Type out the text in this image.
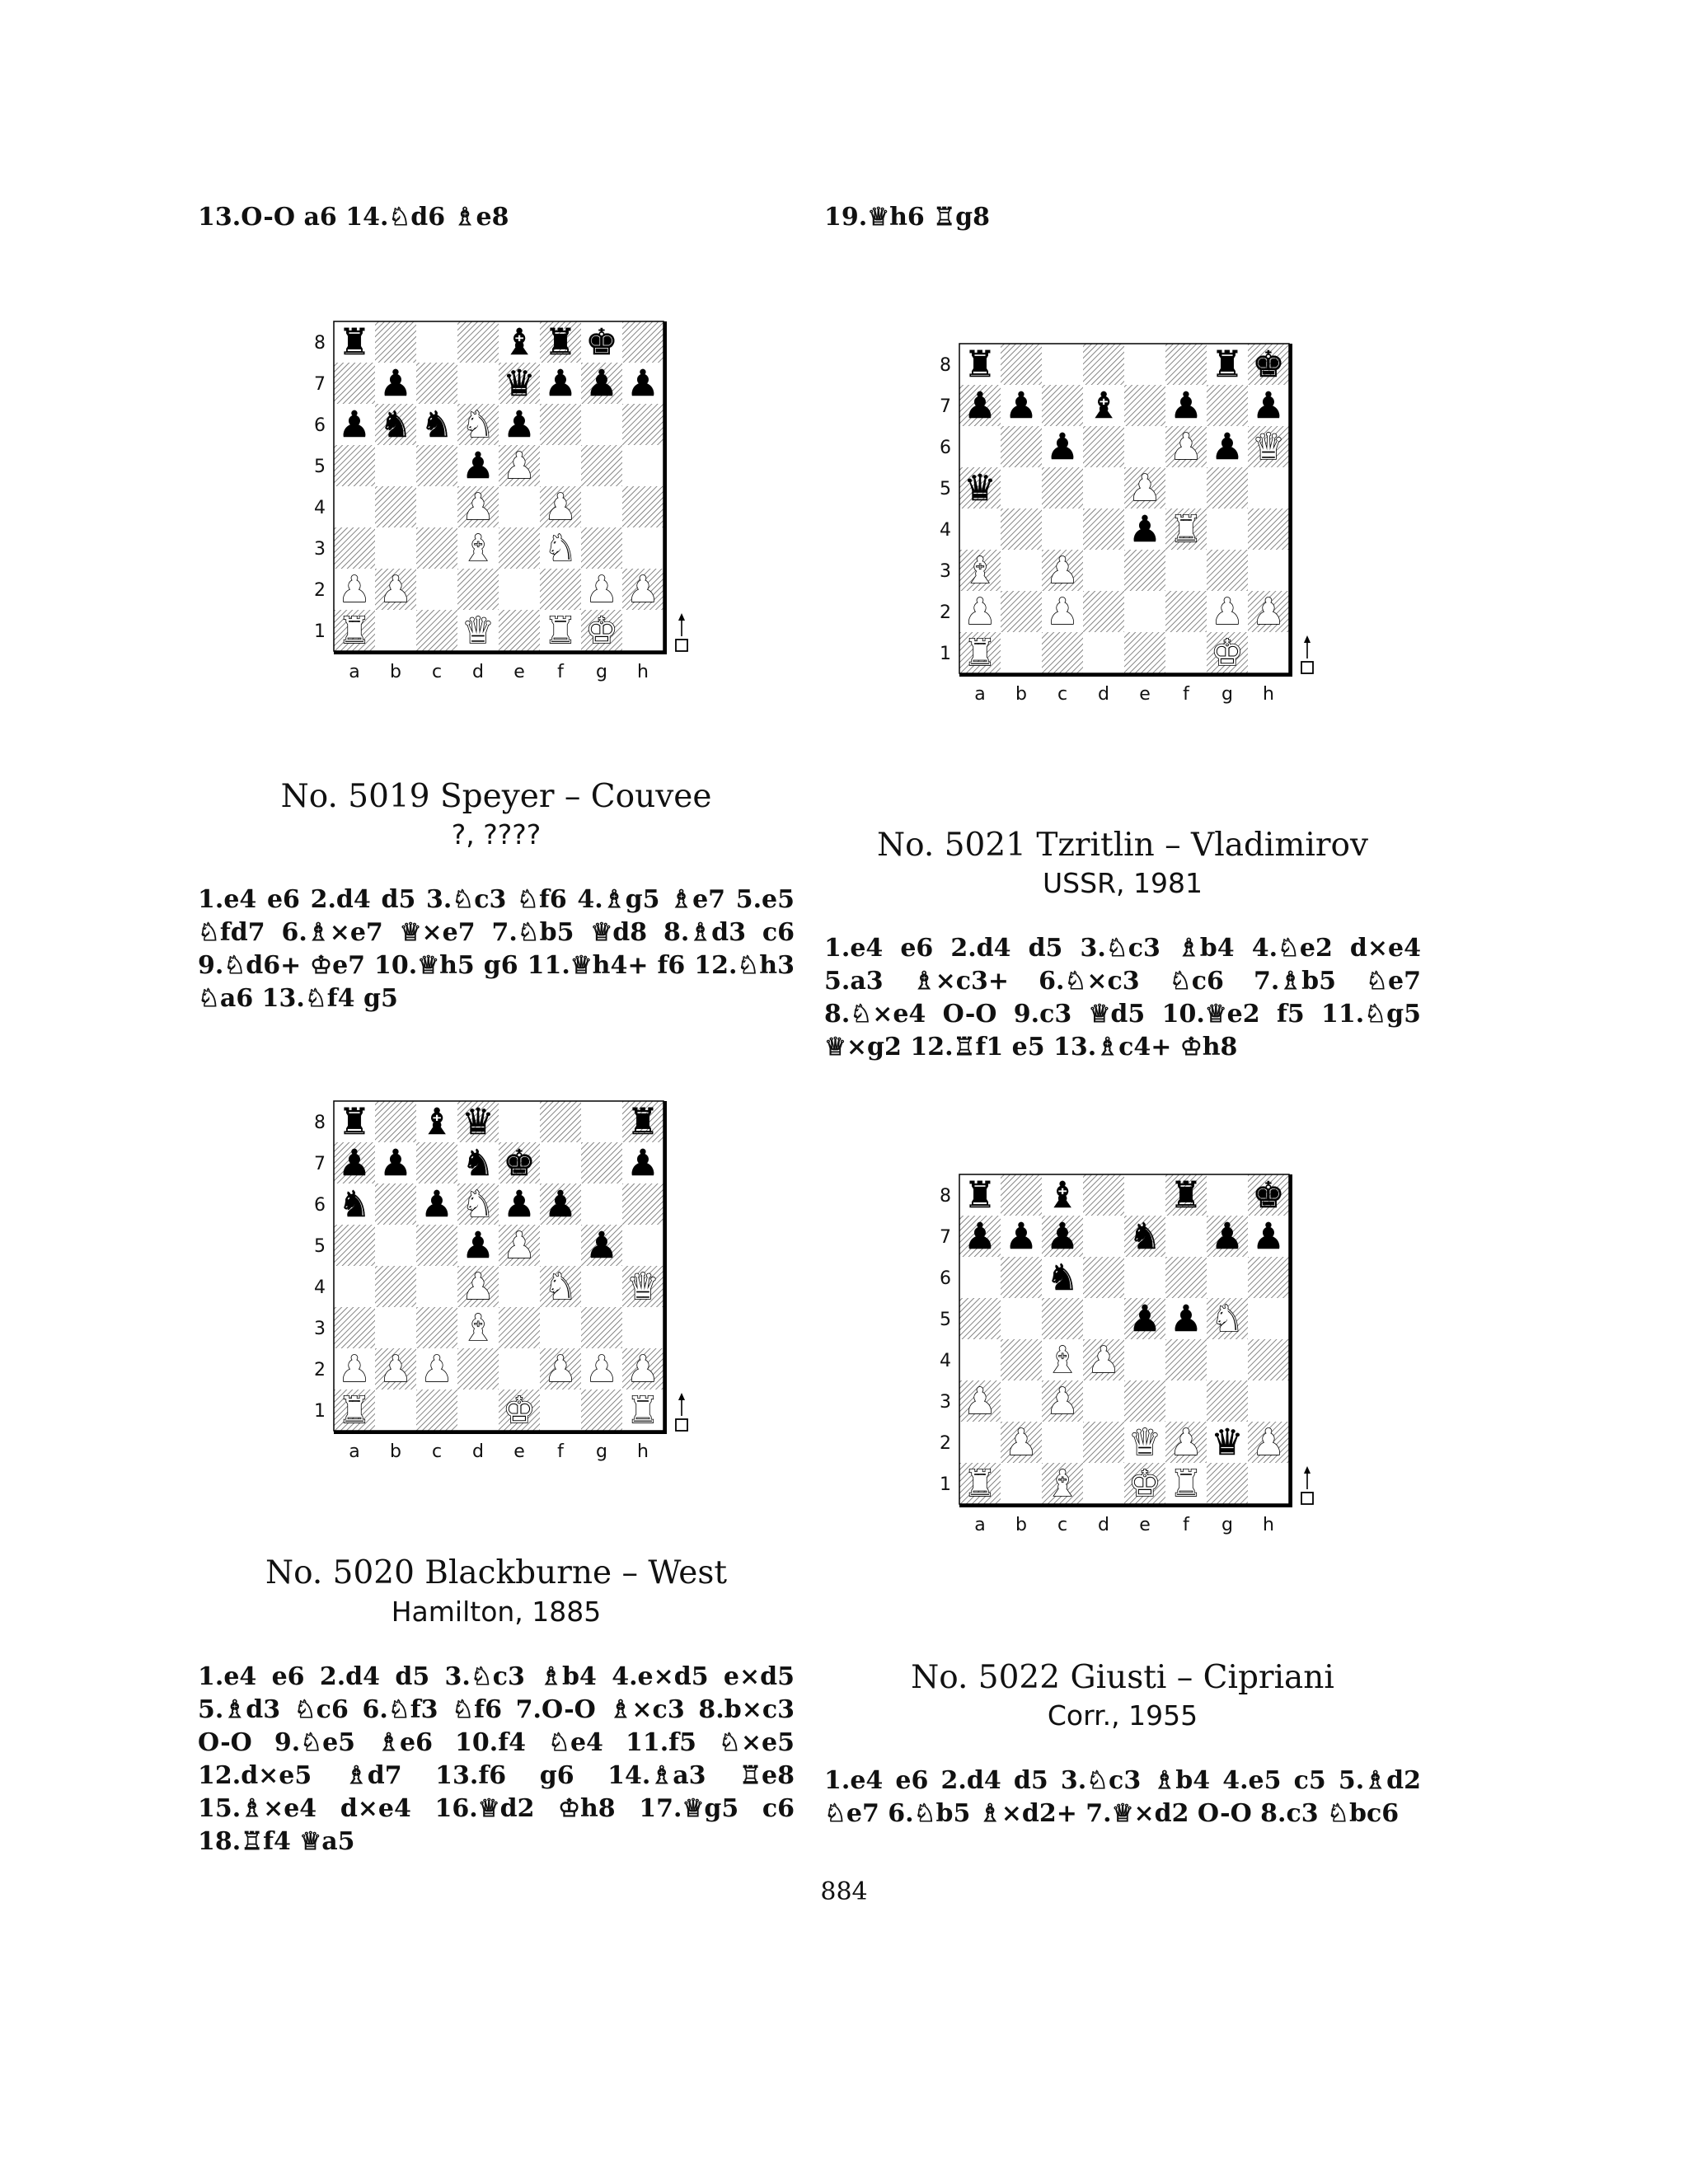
13.O-O a6 14.♘d6 ♗e8	19.♕h6 ♖g8
8
7
6
5
4
3
2
1
a b c d e f g h
♜	♝ ♜ ♚
♟	♛ ♟ ♟ ♟
♟ ♞ ♞ ♞ ♟
♟ ♟
♟ ♟
♝ ♞
♟ ♟	♟ ♟
♜	♛ ♜ ♚
8
7
6
5
4
3
2
1
a b c d e f g h
♜	♜ ♚
♟ ♟ ♝ ♟ ♟
♟	♟ ♟ ♛
♛	♟
♟ ♜
♝ ♟
♟ ♟	♟ ♟
♜	♚
8
7
6
5
4
3
2
1
a b c d e f g h
♜ ♝ ♛	♜
♟ ♟ ♞ ♚	♟
♞ ♟ ♞ ♟ ♟
♟ ♟ ♟
♟ ♞ ♛
♝
♟ ♟ ♟	♟ ♟ ♟
♜	♚	♜
8
7
6
5
4
3
2
1
a b c d e f g h
♜ ♝	♜ ♚
♟ ♟ ♟ ♞ ♟ ♟
♞
♟ ♟ ♞
♝ ♟
♟ ♟
♟	♛ ♟ ♛ ♟
♜ ♝ ♚ ♜
No. 5019 Speyer – Couvee
?, ????
1.e4 e6 2.d4 d5 3.♘c3 ♘f6 4.♗g5 ♗e7 5.e5 ♘fd7 6.♗×e7 ♕×e7 7.♘b5 ♕d8 8.♗d3 c6 9.♘d6+ ♔e7 10.♕h5 g6 11.♕h4+ f6 12.♘h3 ♘a6 13.♘f4 g5
No. 5020 Blackburne – West
Hamilton, 1885
1.e4 e6 2.d4 d5 3.♘c3 ♗b4 4.e×d5 e×d5 5.♗d3 ♘c6 6.♘f3 ♘f6 7.O-O ♗×c3 8.b×c3 O-O 9.♘e5 ♗e6 10.f4 ♘e4 11.f5 ♘×e5 12.d×e5 ♗d7 13.f6 g6 14.♗a3 ♖e8 15.♗×e4 d×e4 16.♕d2 ♔h8 17.♕g5 c6 18.♖f4 ♕a5
No. 5021 Tzritlin – Vladimirov
USSR, 1981
1.e4 e6 2.d4 d5 3.♘c3 ♗b4 4.♘e2 d×e4 5.a3 ♗×c3+ 6.♘×c3 ♘c6 7.♗b5 ♘e7 8.♘×e4 O-O 9.c3 ♕d5 10.♕e2 f5 11.♘g5 ♕×g2 12.♖f1 e5 13.♗c4+ ♔h8
No. 5022 Giusti – Cipriani
Corr., 1955
1.e4 e6 2.d4 d5 3.♘c3 ♗b4 4.e5 c5 5.♗d2 ♘e7 6.♘b5 ♗×d2+ 7.♕×d2 O-O 8.c3 ♘bc6
884
